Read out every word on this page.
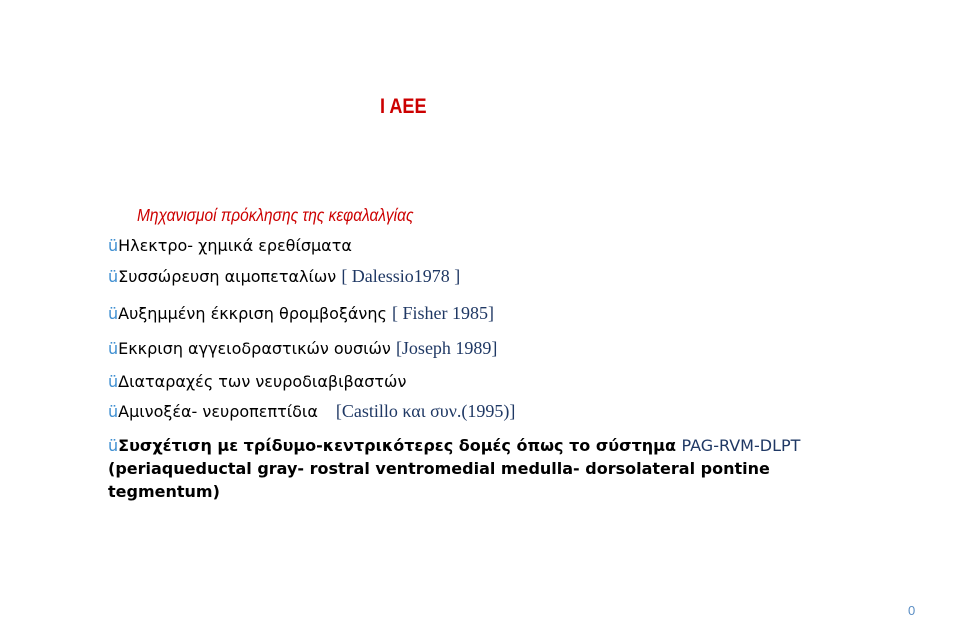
Ι ΑΕΕ
Μηχανισμοί πρόκλησης της κεφαλαλγίας
üΗλεκτρο- χημικά ερεθίσματα
üΣυσσώρευση αιμοπεταλίων [ Dalessio1978 ]
üΑυξημμένη έκκριση θρομβοξάνης [ Fisher 1985]
üΕκκριση αγγειοδραστικών ουσιών [Joseph 1989]
üΔιαταραχές των νευροδιαβιβαστών
üΑμινοξέα- νευροπεπτίδια [Castillo και συν.(1995)]
üΣυσχέτιση με τρίδυμο-κεντρικότερες δομές όπως το σύστημα PAG-RVM-DLPT
(periaqueductal gray- rostral ventromedial medulla- dorsolateral pontine
tegmentum)
0
